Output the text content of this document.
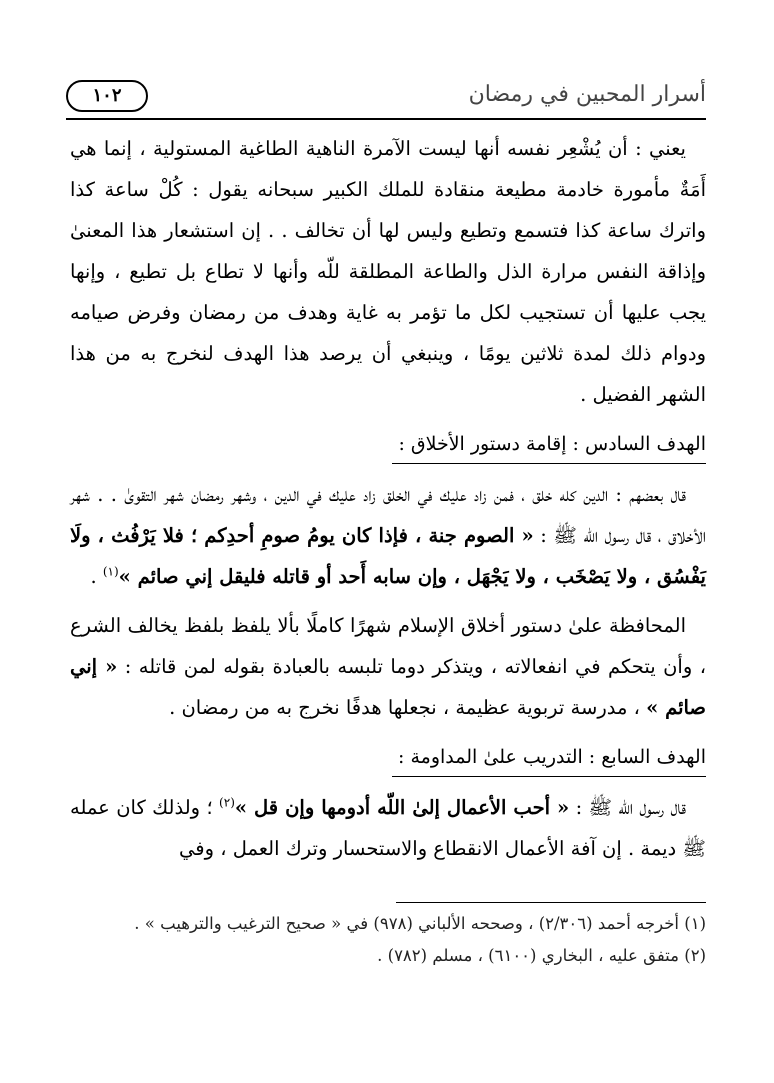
أسرار المحبين في رمضان
١٠٢

يعني : أن يُشْعِر نفسه أنها ليست الآمرة الناهية الطاغية المستولية ، إنما هي أَمَةٌ مأمورة خادمة مطيعة منقادة للملك الكبير سبحانه يقول : كُلْ ساعة كذا واترك ساعة كذا فتسمع وتطيع وليس لها أن تخالف . . إن استشعار هذا المعنىٰ وإذاقة النفس مرارة الذل والطاعة المطلقة للّه وأنها لا تطاع بل تطيع ، وإنها يجب عليها أن تستجيب لكل ما تؤمر به غاية وهدف من رمضان وفرض صيامه ودوام ذلك لمدة ثلاثين يومًا ، وينبغي أن يرصد هذا الهدف لنخرج به من هذا الشهر الفضيل .

الهدف السادس : إقامة دستور الأخلاق :

قال بعضهم : الدين كله خلق ، فمن زاد عليك في الخلق زاد عليك في الدين ، وشهر رمضان شهر التقوىٰ . . شهر الأخلاق ، قال رسول اللّه ﷺ : « الصوم جنة ، فإذا كان يومُ صومِ أحدِكم ؛ فلا يَرْفُث ، ولَا يَفْسُق ، ولا يَصْخَب ، ولا يَجْهَل ، وإن سابه أَحد أو قاتله فليقل إني صائم »$^{(١)}$ .

المحافظة علىٰ دستور أخلاق الإسلام شهرًا كاملًا بألا يلفظ بلفظ يخالف الشرع ، وأن يتحكم في انفعالاته ، ويتذكر دوما تلبسه بالعبادة بقوله لمن قاتله : « إني صائم » ، مدرسة تربوية عظيمة ، نجعلها هدفًا نخرج به من رمضان .

الهدف السابع : التدريب علىٰ المداومة :

قال رسول اللّه ﷺ : « أحب الأعمال إلىٰ اللّه أدومها وإن قل »$^{(٢)}$ ؛ ولذلك كان عمله ﷺ ديمة . إن آفة الأعمال الانقطاع والاستحسار وترك العمل ، وفي

(١) أخرجه أحمد (٢/٣٠٦) ، وصححه الألباني (٩٧٨) في « صحيح الترغيب والترهيب » .

(٢) متفق عليه ، البخاري (٦١٠٠) ، مسلم (٧٨٢) .
